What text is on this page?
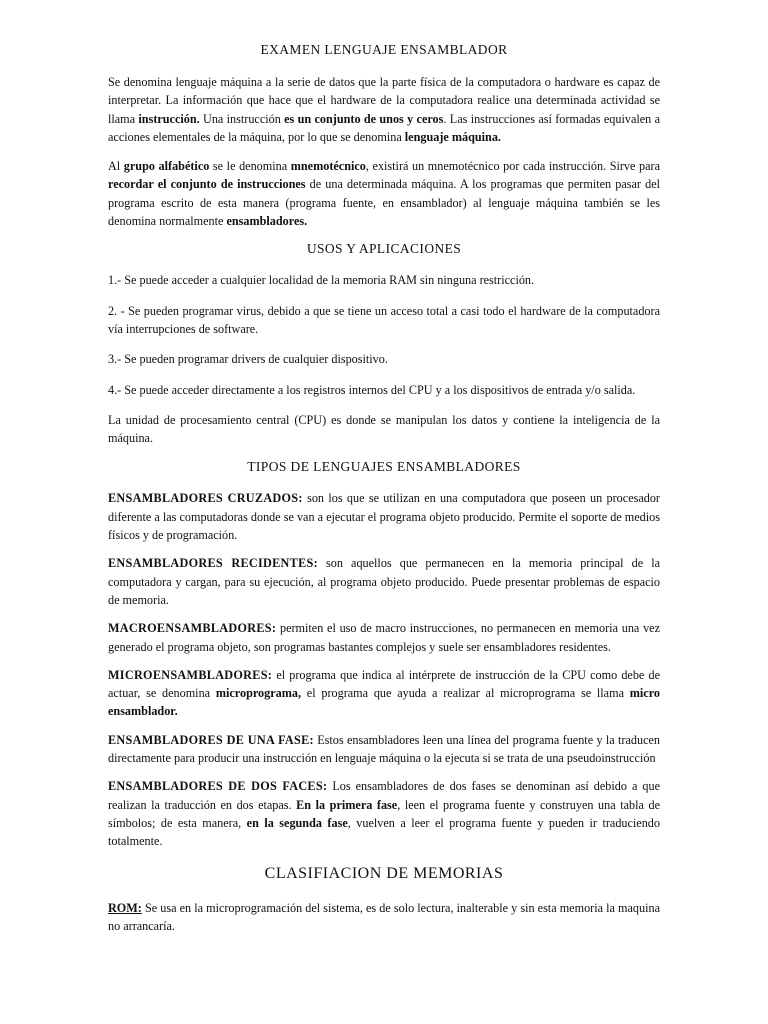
EXAMEN LENGUAJE ENSAMBLADOR

Se denomina lenguaje máquina a la serie de datos que la parte física de la computadora o hardware es capaz de interpretar. La información que hace que el hardware de la computadora realice una determinada actividad se llama instrucción. Una instrucción es un conjunto de unos y ceros. Las instrucciones así formadas equivalen a acciones elementales de la máquina, por lo que se denomina lenguaje máquina.

Al grupo alfabético se le denomina mnemotécnico, existirá un mnemotécnico por cada instrucción. Sirve para recordar el conjunto de instrucciones de una determinada máquina. A los programas que permiten pasar del programa escrito de esta manera (programa fuente, en ensamblador) al lenguaje máquina también se les denomina normalmente ensambladores.

USOS Y APLICACIONES

1.- Se puede acceder a cualquier localidad de la memoria RAM sin ninguna restricción.

2. - Se pueden programar virus, debido a que se tiene un acceso total a casi todo el hardware de la computadora vía interrupciones de software.

3.- Se pueden programar drivers de cualquier dispositivo.

4.- Se puede acceder directamente a los registros internos del CPU y a los dispositivos de entrada y/o salida.

La unidad de procesamiento central (CPU) es donde se manipulan los datos y contiene la inteligencia de la máquina.

TIPOS DE LENGUAJES ENSAMBLADORES

ENSAMBLADORES CRUZADOS: son los que se utilizan en una computadora que poseen un procesador diferente a las computadoras donde se van a ejecutar el programa objeto producido. Permite el soporte de medios físicos y de programación.

ENSAMBLADORES RECIDENTES: son aquellos que permanecen en la memoria principal de la computadora y cargan, para su ejecución, al programa objeto producido. Puede presentar problemas de espacio de memoria.

MACROENSAMBLADORES: permiten el uso de macro instrucciones, no permanecen en memoria una vez generado el programa objeto, son programas bastantes complejos y suele ser ensambladores residentes.

MICROENSAMBLADORES: el programa que indica al intérprete de instrucción de la CPU como debe de actuar, se denomina microprograma, el programa que ayuda a realizar al microprograma se llama micro ensamblador.

ENSAMBLADORES DE UNA FASE: Estos ensambladores leen una línea del programa fuente y la traducen directamente para producir una instrucción en lenguaje máquina o la ejecuta si se trata de una pseudoinstrucción

ENSAMBLADORES DE DOS FACES: Los ensambladores de dos fases se denominan así debido a que realizan la traducción en dos etapas. En la primera fase, leen el programa fuente y construyen una tabla de símbolos; de esta manera, en la segunda fase, vuelven a leer el programa fuente y pueden ir traduciendo totalmente.

CLASIFIACION DE MEMORIAS

ROM: Se usa en la microprogramación del sistema, es de solo lectura, inalterable y sin esta memoria la maquina no arrancaría.
